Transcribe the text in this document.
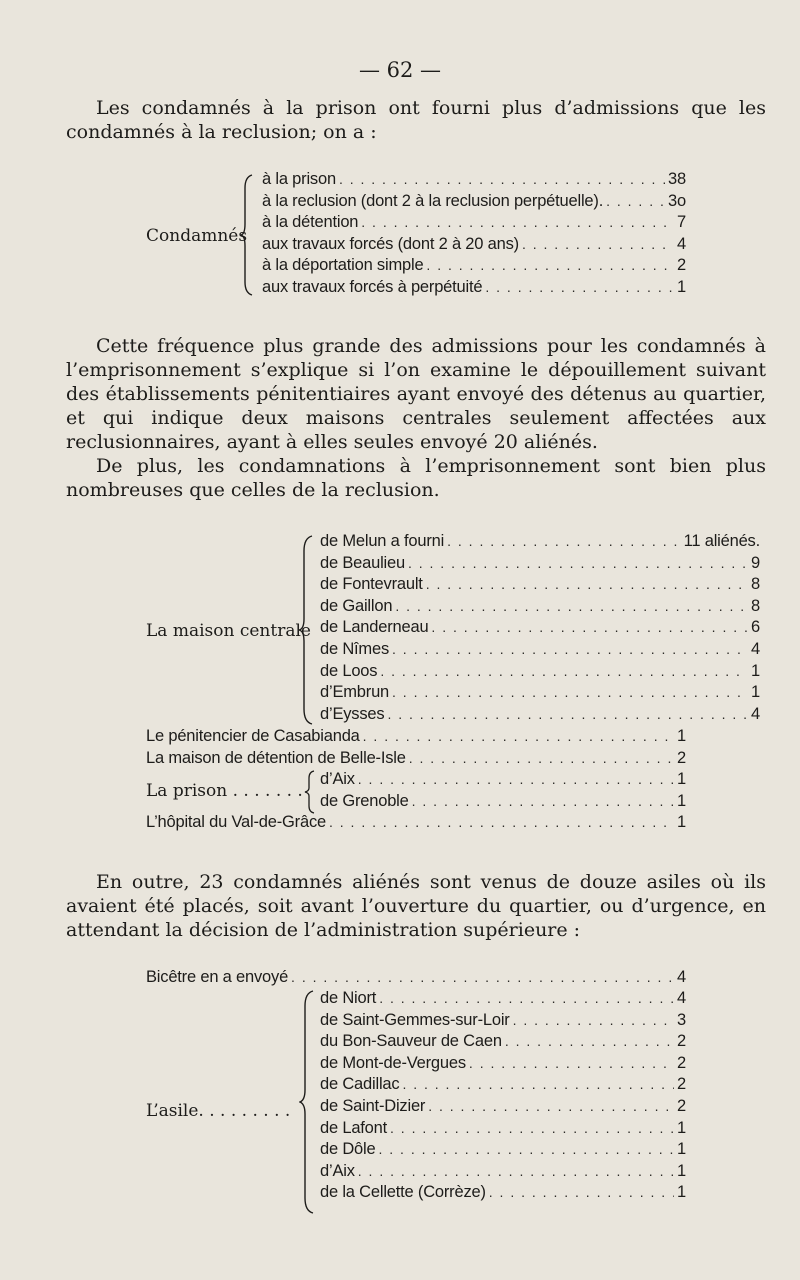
— 62 —

Les condamnés à la prison ont fourni plus d’admissions que les condamnés à la reclusion; on a :

Condamnés
à la prison . . .	38
à la reclusion (dont 2 à la reclusion perpétuelle). . . .	3o
à la détention . . .	7
aux travaux forcés (dont 2 à 20 ans) . . .	4
à la déportation simple . . .	2
aux travaux forcés à perpétuité . . .	1

Cette fréquence plus grande des admissions pour les condamnés à l’emprisonnement s’explique si l’on examine le dépouillement suivant des établissements pénitentiaires ayant envoyé des détenus au quartier, et qui indique deux maisons centrales seulement affectées aux reclusionnaires, ayant à elles seules envoyé 20 aliénés.

De plus, les condamnations à l’emprisonnement sont bien plus nombreuses que celles de la reclusion.

La maison centrale
de Melun a fourni . . .	11 aliénés.
de Beaulieu . . .	9
de Fontevrault . . .	8
de Gaillon . . .	8
de Landerneau . . .	6
de Nîmes . . .	4
de Loos . . .	1
d’Embrun . . .	1
d’Eysses . . .	4
Le pénitencier de Casabianda . . .	1
La maison de détention de Belle-Isle . . .	2
La prison . . . . . . .
d’Aix . . .	1
de Grenoble . . .	1
L’hôpital du Val-de-Grâce . . .	1

En outre, 23 condamnés aliénés sont venus de douze asiles où ils avaient été placés, soit avant l’ouverture du quartier, ou d’urgence, en attendant la décision de l’administration supérieure :

Bicêtre en a envoyé . . .	4
L’asile. . . . . . . . .
de Niort . . .	4
de Saint-Gemmes-sur-Loir . . .	3
du Bon-Sauveur de Caen . . .	2
de Mont-de-Vergues . . .	2
de Cadillac . . .	2
de Saint-Dizier . . .	2
de Lafont . . .	1
de Dôle . . .	1
d’Aix . . .	1
de la Cellette (Corrèze) . . .	1
